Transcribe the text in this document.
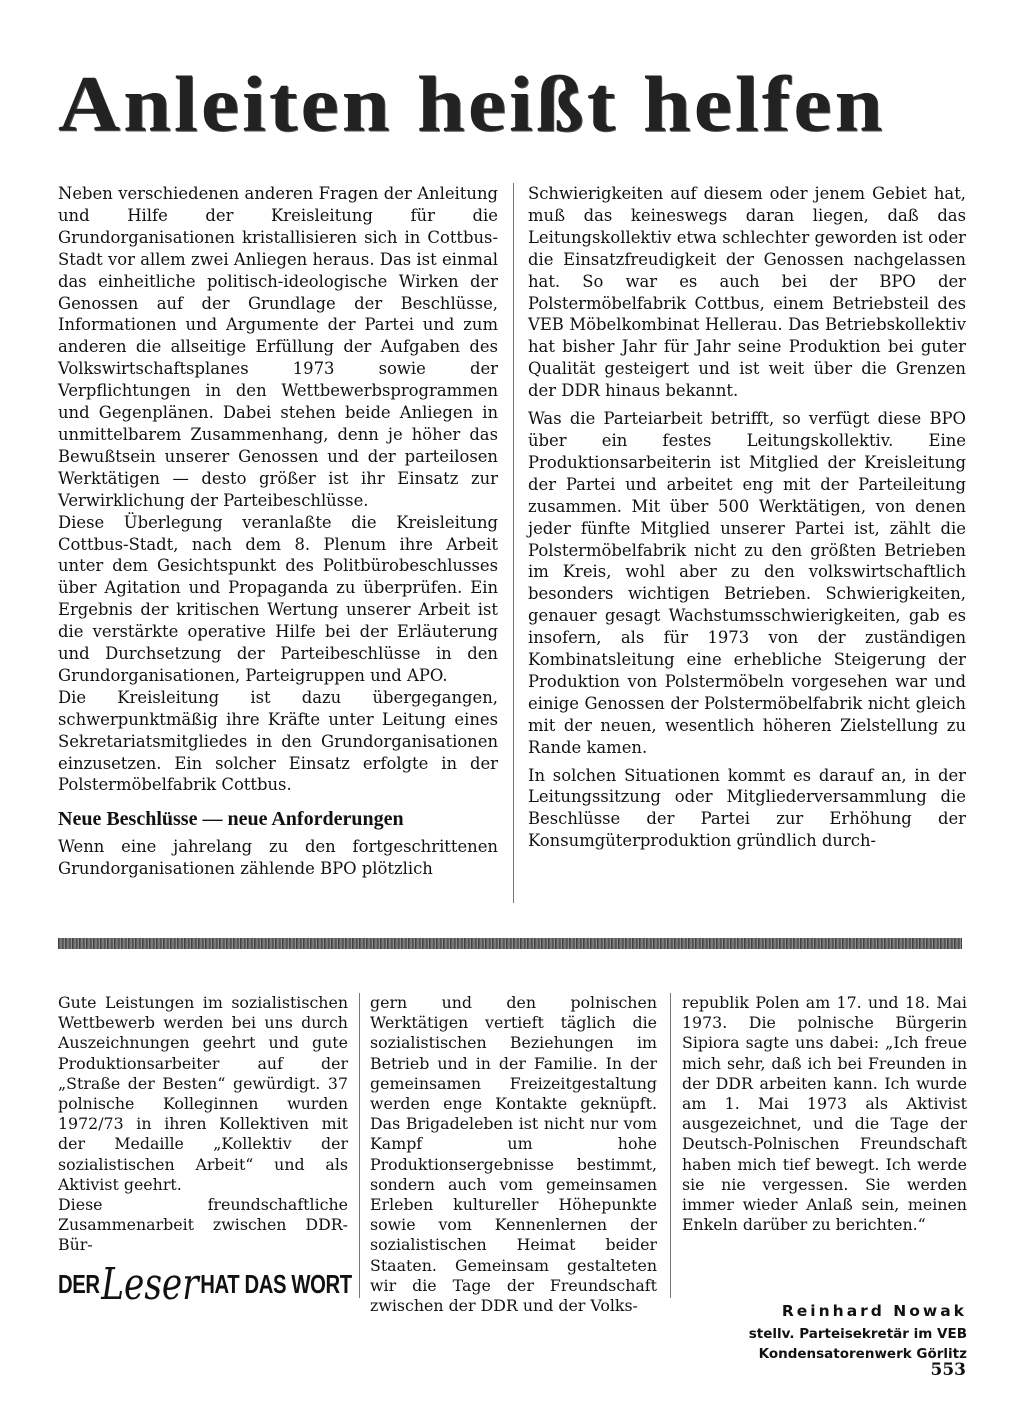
Anleiten heißt helfen

Neben verschiedenen anderen Fragen der Anleitung und Hilfe der Kreisleitung für die Grundorganisationen kristallisieren sich in Cottbus-Stadt vor allem zwei Anliegen heraus. Das ist einmal das einheitliche politisch-ideologische Wirken der Genossen auf der Grundlage der Beschlüsse, Informationen und Argumente der Partei und zum anderen die allseitige Erfüllung der Aufgaben des Volkswirtschaftsplanes 1973 sowie der Verpflichtungen in den Wettbewerbsprogrammen und Gegenplänen. Dabei stehen beide Anliegen in unmittelbarem Zusammenhang, denn je höher das Bewußtsein unserer Genossen und der parteilosen Werktätigen — desto größer ist ihr Einsatz zur Verwirklichung der Parteibeschlüsse.

Diese Überlegung veranlaßte die Kreisleitung Cottbus-Stadt, nach dem 8. Plenum ihre Arbeit unter dem Gesichtspunkt des Politbürobeschlusses über Agitation und Propaganda zu überprüfen. Ein Ergebnis der kritischen Wertung unserer Arbeit ist die verstärkte operative Hilfe bei der Erläuterung und Durchsetzung der Parteibeschlüsse in den Grundorganisationen, Parteigruppen und APO.

Die Kreisleitung ist dazu übergegangen, schwerpunktmäßig ihre Kräfte unter Leitung eines Sekretariatsmitgliedes in den Grundorganisationen einzusetzen. Ein solcher Einsatz erfolgte in der Polstermöbelfabrik Cottbus.

Neue Beschlüsse — neue Anforderungen

Wenn eine jahrelang zu den fortgeschrittenen Grundorganisationen zählende BPO plötzlich

Schwierigkeiten auf diesem oder jenem Gebiet hat, muß das keineswegs daran liegen, daß das Leitungskollektiv etwa schlechter geworden ist oder die Einsatzfreudigkeit der Genossen nachgelassen hat. So war es auch bei der BPO der Polstermöbelfabrik Cottbus, einem Betriebsteil des VEB Möbelkombinat Hellerau. Das Betriebskollektiv hat bisher Jahr für Jahr seine Produktion bei guter Qualität gesteigert und ist weit über die Grenzen der DDR hinaus bekannt.

Was die Parteiarbeit betrifft, so verfügt diese BPO über ein festes Leitungskollektiv. Eine Produktionsarbeiterin ist Mitglied der Kreisleitung der Partei und arbeitet eng mit der Parteileitung zusammen. Mit über 500 Werktätigen, von denen jeder fünfte Mitglied unserer Partei ist, zählt die Polstermöbelfabrik nicht zu den größten Betrieben im Kreis, wohl aber zu den volkswirtschaftlich besonders wichtigen Betrieben. Schwierigkeiten, genauer gesagt Wachstumsschwierigkeiten, gab es insofern, als für 1973 von der zuständigen Kombinatsleitung eine erhebliche Steigerung der Produktion von Polstermöbeln vorgesehen war und einige Genossen der Polstermöbelfabrik nicht gleich mit der neuen, wesentlich höheren Zielstellung zu Rande kamen.

In solchen Situationen kommt es darauf an, in der Leitungssitzung oder Mitgliederversammlung die Beschlüsse der Partei zur Erhöhung der Konsumgüterproduktion gründlich durch-

Gute Leistungen im sozialistischen Wettbewerb werden bei uns durch Auszeichnungen geehrt und gute Produktionsarbeiter auf der „Straße der Besten“ gewürdigt. 37 polnische Kolleginnen wurden 1972/73 in ihren Kollektiven mit der Medaille „Kollektiv der sozialistischen Arbeit“ und als Aktivist geehrt.

Diese freundschaftliche Zusammenarbeit zwischen DDR-Bür-

gern und den polnischen Werktätigen vertieft täglich die sozialistischen Beziehungen im Betrieb und in der Familie. In der gemeinsamen Freizeitgestaltung werden enge Kontakte geknüpft. Das Brigadeleben ist nicht nur vom Kampf um hohe Produktionsergebnisse bestimmt, sondern auch vom gemeinsamen Erleben kultureller Höhepunkte sowie vom Kennenlernen der sozialistischen Heimat beider Staaten. Gemeinsam gestalteten wir die Tage der Freundschaft zwischen der DDR und der Volks-

republik Polen am 17. und 18. Mai 1973. Die polnische Bürgerin Sipiora sagte uns dabei: „Ich freue mich sehr, daß ich bei Freunden in der DDR arbeiten kann. Ich wurde am 1. Mai 1973 als Aktivist ausgezeichnet, und die Tage der Deutsch-Polnischen Freundschaft haben mich tief bewegt. Ich werde sie nie vergessen. Sie werden immer wieder Anlaß sein, meinen Enkeln darüber zu berichten.“

DER Leser HAT DAS WORT
Reinhard Nowak
stellv. Parteisekretär im VEB Kondensatorenwerk Görlitz
553
